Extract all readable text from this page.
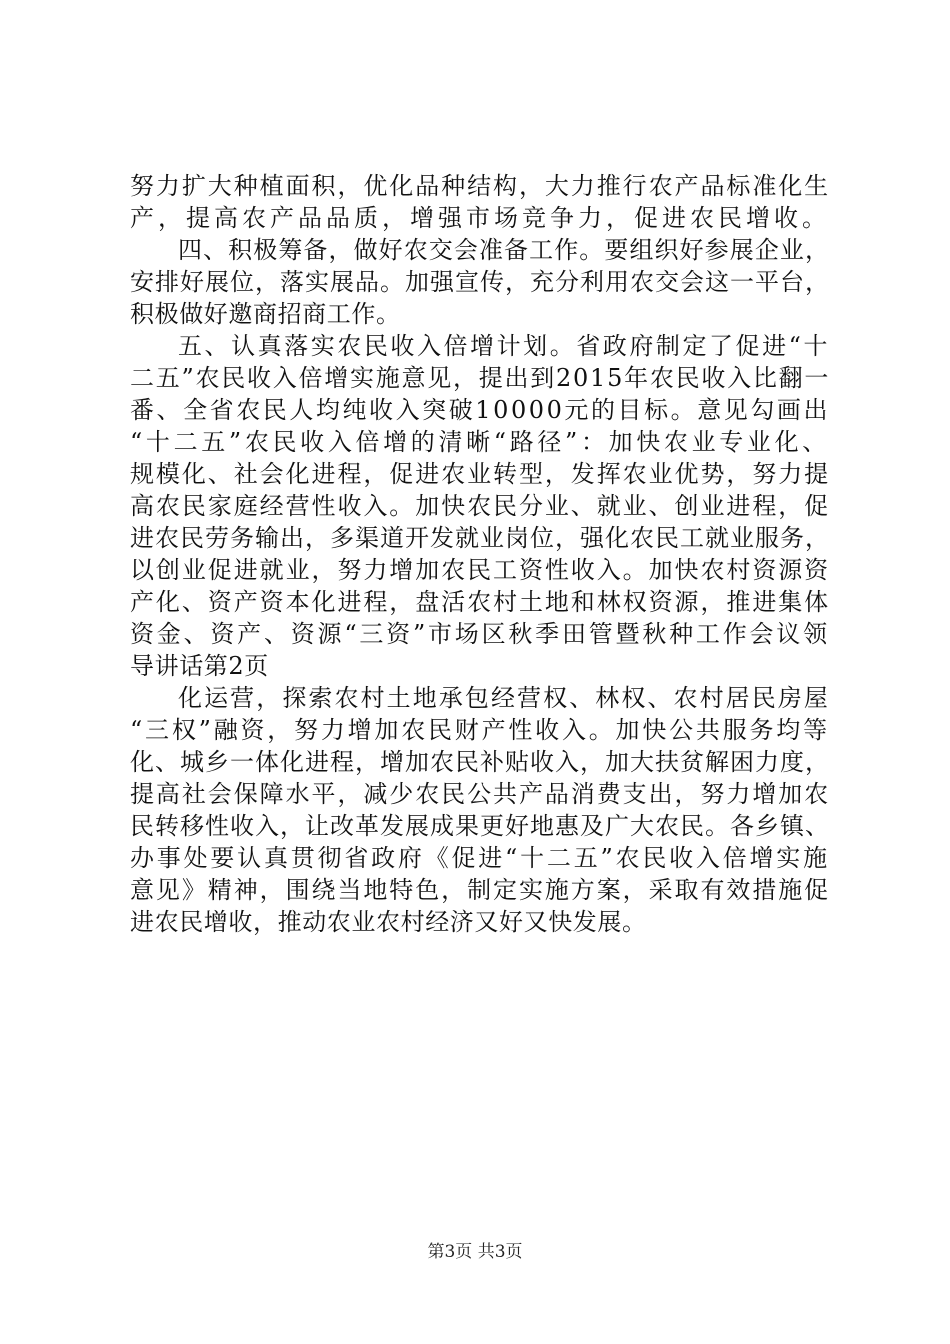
努力扩大种植面积，优化品种结构，大力推行农产品标准化生
产，提高农产品品质，增强市场竞争力，促进农民增收。
四、积极筹备，做好农交会准备工作。要组织好参展企业，
安排好展位，落实展品。加强宣传，充分利用农交会这一平台，
积极做好邀商招商工作。
五、认真落实农民收入倍增计划。省政府制定了促进“十
二五”农民收入倍增实施意见，提出到2015年农民收入比翻一
番、全省农民人均纯收入突破10000元的目标。意见勾画出
“十二五”农民收入倍增的清晰“路径”：加快农业专业化、
规模化、社会化进程，促进农业转型，发挥农业优势，努力提
高农民家庭经营性收入。加快农民分业、就业、创业进程，促
进农民劳务输出，多渠道开发就业岗位，强化农民工就业服务，
以创业促进就业，努力增加农民工资性收入。加快农村资源资
产化、资产资本化进程，盘活农村土地和林权资源，推进集体
资金、资产、资源“三资”市场区秋季田管暨秋种工作会议领
导讲话第2页
化运营，探索农村土地承包经营权、林权、农村居民房屋
“三权”融资，努力增加农民财产性收入。加快公共服务均等
化、城乡一体化进程，增加农民补贴收入，加大扶贫解困力度，
提高社会保障水平，减少农民公共产品消费支出，努力增加农
民转移性收入，让改革发展成果更好地惠及广大农民。各乡镇、
办事处要认真贯彻省政府《促进“十二五”农民收入倍增实施
意见》精神，围绕当地特色，制定实施方案，采取有效措施促
进农民增收，推动农业农村经济又好又快发展。
第3页 共3页
